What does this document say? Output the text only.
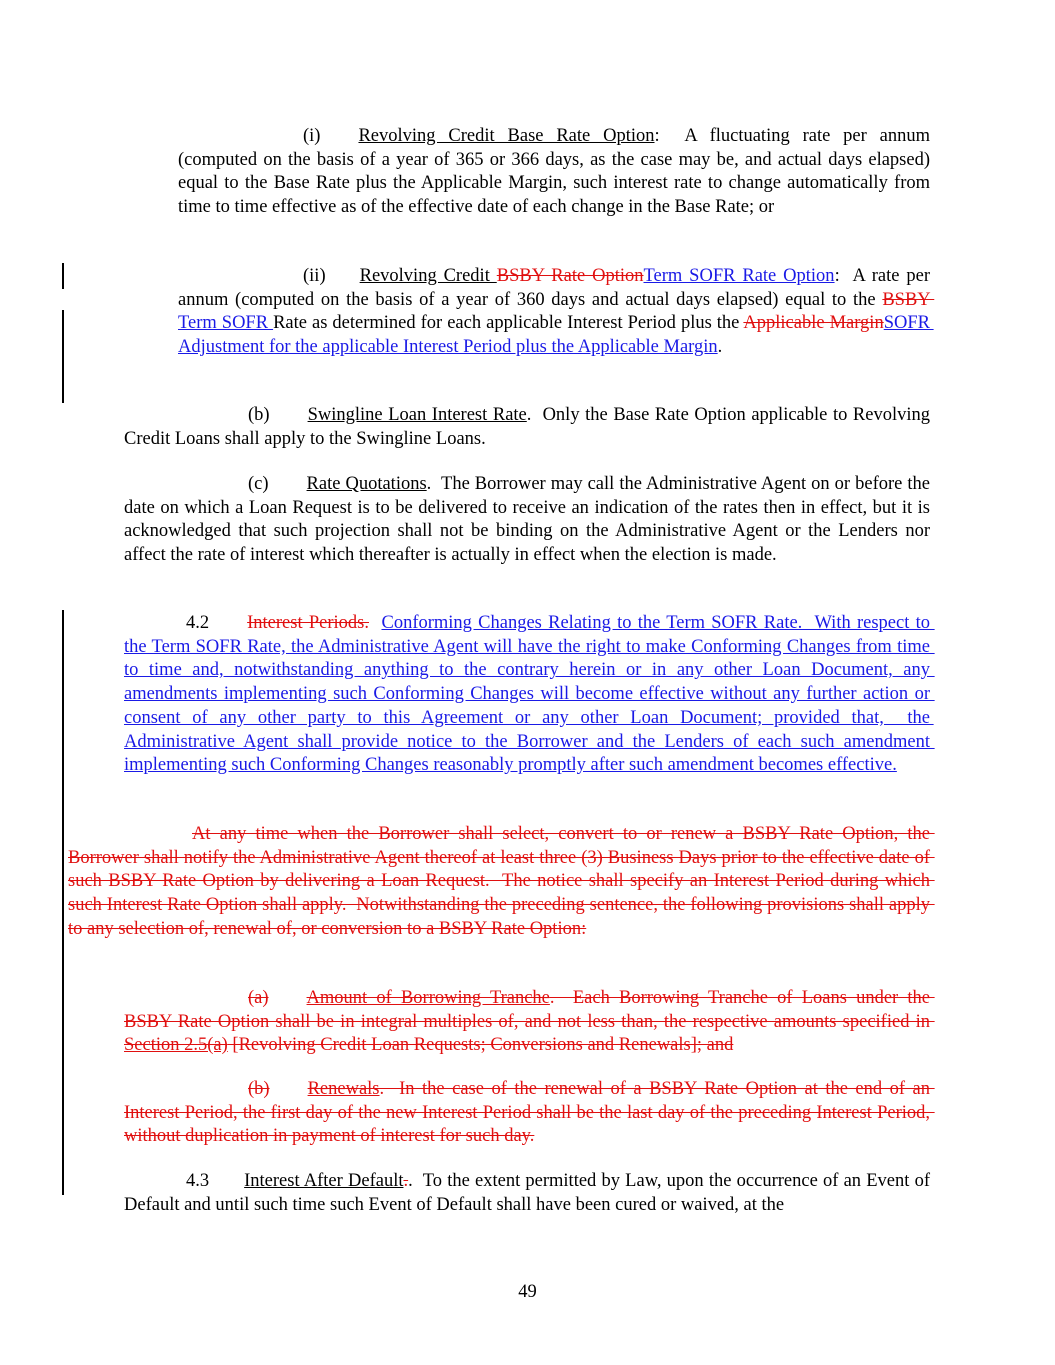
(i) Revolving Credit Base Rate Option:  A fluctuating rate per annum (computed on the basis of a year of 365 or 366 days, as the case may be, and actual days elapsed) equal to the Base Rate plus the Applicable Margin, such interest rate to change automatically from time to time effective as of the effective date of each change in the Base Rate; or
(ii) Revolving Credit BSBY Rate OptionTerm SOFR Rate Option:  A rate per annum (computed on the basis of a year of 360 days and actual days elapsed) equal to the BSBY Term SOFR Rate as determined for each applicable Interest Period plus the Applicable MarginSOFR Adjustment for the applicable Interest Period plus the Applicable Margin.
(b) Swingline Loan Interest Rate.  Only the Base Rate Option applicable to Revolving Credit Loans shall apply to the Swingline Loans.
(c) Rate Quotations.  The Borrower may call the Administrative Agent on or before the date on which a Loan Request is to be delivered to receive an indication of the rates then in effect, but it is acknowledged that such projection shall not be binding on the Administrative Agent or the Lenders nor affect the rate of interest which thereafter is actually in effect when the election is made.
4.2 Interest Periods. Conforming Changes Relating to the Term SOFR Rate.  With respect to the Term SOFR Rate, the Administrative Agent will have the right to make Conforming Changes from time to time and, notwithstanding anything to the contrary herein or in any other Loan Document, any amendments implementing such Conforming Changes will become effective without any further action or consent of any other party to this Agreement or any other Loan Document; provided that,  the Administrative Agent shall provide notice to the Borrower and the Lenders of each such amendment implementing such Conforming Changes reasonably promptly after such amendment becomes effective.
At any time when the Borrower shall select, convert to or renew a BSBY Rate Option, the Borrower shall notify the Administrative Agent thereof at least three (3) Business Days prior to the effective date of such BSBY Rate Option by delivering a Loan Request.  The notice shall specify an Interest Period during which such Interest Rate Option shall apply.  Notwithstanding the preceding sentence, the following provisions shall apply to any selection of, renewal of, or conversion to a BSBY Rate Option:
(a) Amount of Borrowing Tranche.  Each Borrowing Tranche of Loans under the BSBY Rate Option shall be in integral multiples of, and not less than, the respective amounts specified in Section 2.5(a) [Revolving Credit Loan Requests; Conversions and Renewals]; and
(b) Renewals.  In the case of the renewal of a BSBY Rate Option at the end of an Interest Period, the first day of the new Interest Period shall be the last day of the preceding Interest Period, without duplication in payment of interest for such day.
4.3 Interest After Default..  To the extent permitted by Law, upon the occurrence of an Event of Default and until such time such Event of Default shall have been cured or waived, at the
49
